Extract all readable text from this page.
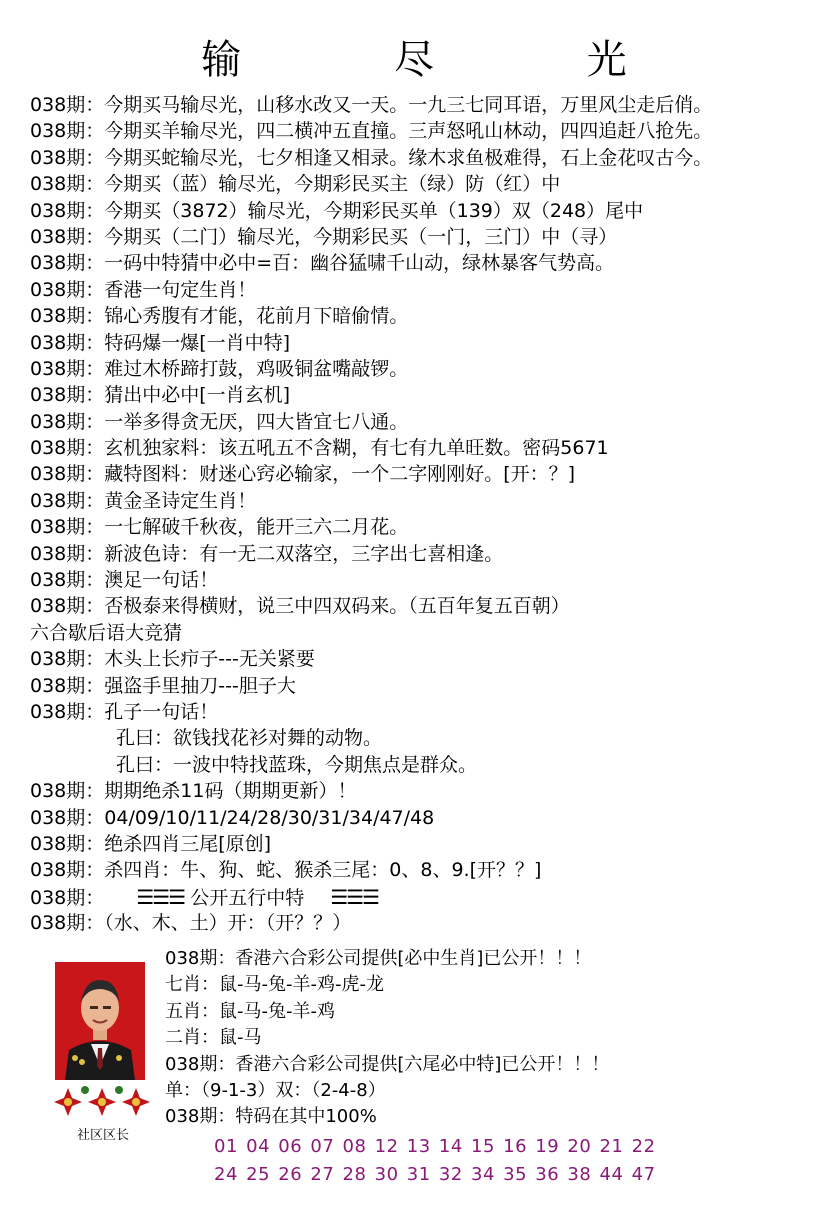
输 尽 光
038期：今期买马输尽光，山移水改又一天。一九三七同耳语，万里风尘走后俏。
038期：今期买羊输尽光，四二横冲五直撞。三声怒吼山林动，四四追赶八抢先。
038期：今期买蛇输尽光，七夕相逢又相录。缘木求鱼极难得，石上金花叹古今。
038期：今期买（蓝）输尽光，今期彩民买主（绿）防（红）中
038期：今期买（3872）输尽光，今期彩民买单（139）双（248）尾中
038期：今期买（二门）输尽光，今期彩民买（一门，三门）中（寻）
038期：一码中特猜中必中=百：幽谷猛啸千山动，绿林暴客气势高。
038期：香港一句定生肖！
038期：锦心秀腹有才能，花前月下暗偷情。
038期：特码爆一爆[一肖中特]
038期：难过木桥蹄打鼓，鸡吸铜盆嘴敲锣。
038期：猜出中必中[一肖玄机]
038期：一举多得贪无厌，四大皆宜七八通。
038期：玄机独家料：该五吼五不含糊，有七有九单旺数。密码5671
038期：藏特图料：财迷心窍必输家，一个二字刚刚好。[开：？]
038期：黄金圣诗定生肖！
038期：一七解破千秋夜，能开三六二月花。
038期：新波色诗：有一无二双落空，三字出七喜相逢。
038期：澳足一句话！
038期：否极泰来得横财，说三中四双码来。（五百年复五百朝）
六合歇后语大竞猜
038期：木头上长疖子---无关紧要
038期：强盗手里抽刀---胆子大
038期：孔子一句话！
孔曰：欲钱找花衫对舞的动物。
孔曰：一波中特找蓝珠，今期焦点是群众。
038期：期期绝杀11码（期期更新）！
038期：04/09/10/11/24/28/30/31/34/47/48
038期：绝杀四肖三尾[原创]
038期：杀四肖：牛、狗、蛇、猴杀三尾：0、8、9.[开？？]
038期： ☰☰☰ 公开五行中特 ☰☰☰
038期：（水、木、土）开：（开？？）
社区区长
038期：香港六合彩公司提供[必中生肖]已公开！！！
七肖：鼠-马-兔-羊-鸡-虎-龙
五肖：鼠-马-兔-羊-鸡
二肖：鼠-马
038期：香港六合彩公司提供[六尾必中特]已公开！！！
单：（9-1-3）双：（2-4-8）
038期：特码在其中100%
01 04 06 07 08 12 13 14 15 16 19 20 21 22
24 25 26 27 28 30 31 32 34 35 36 38 44 47
